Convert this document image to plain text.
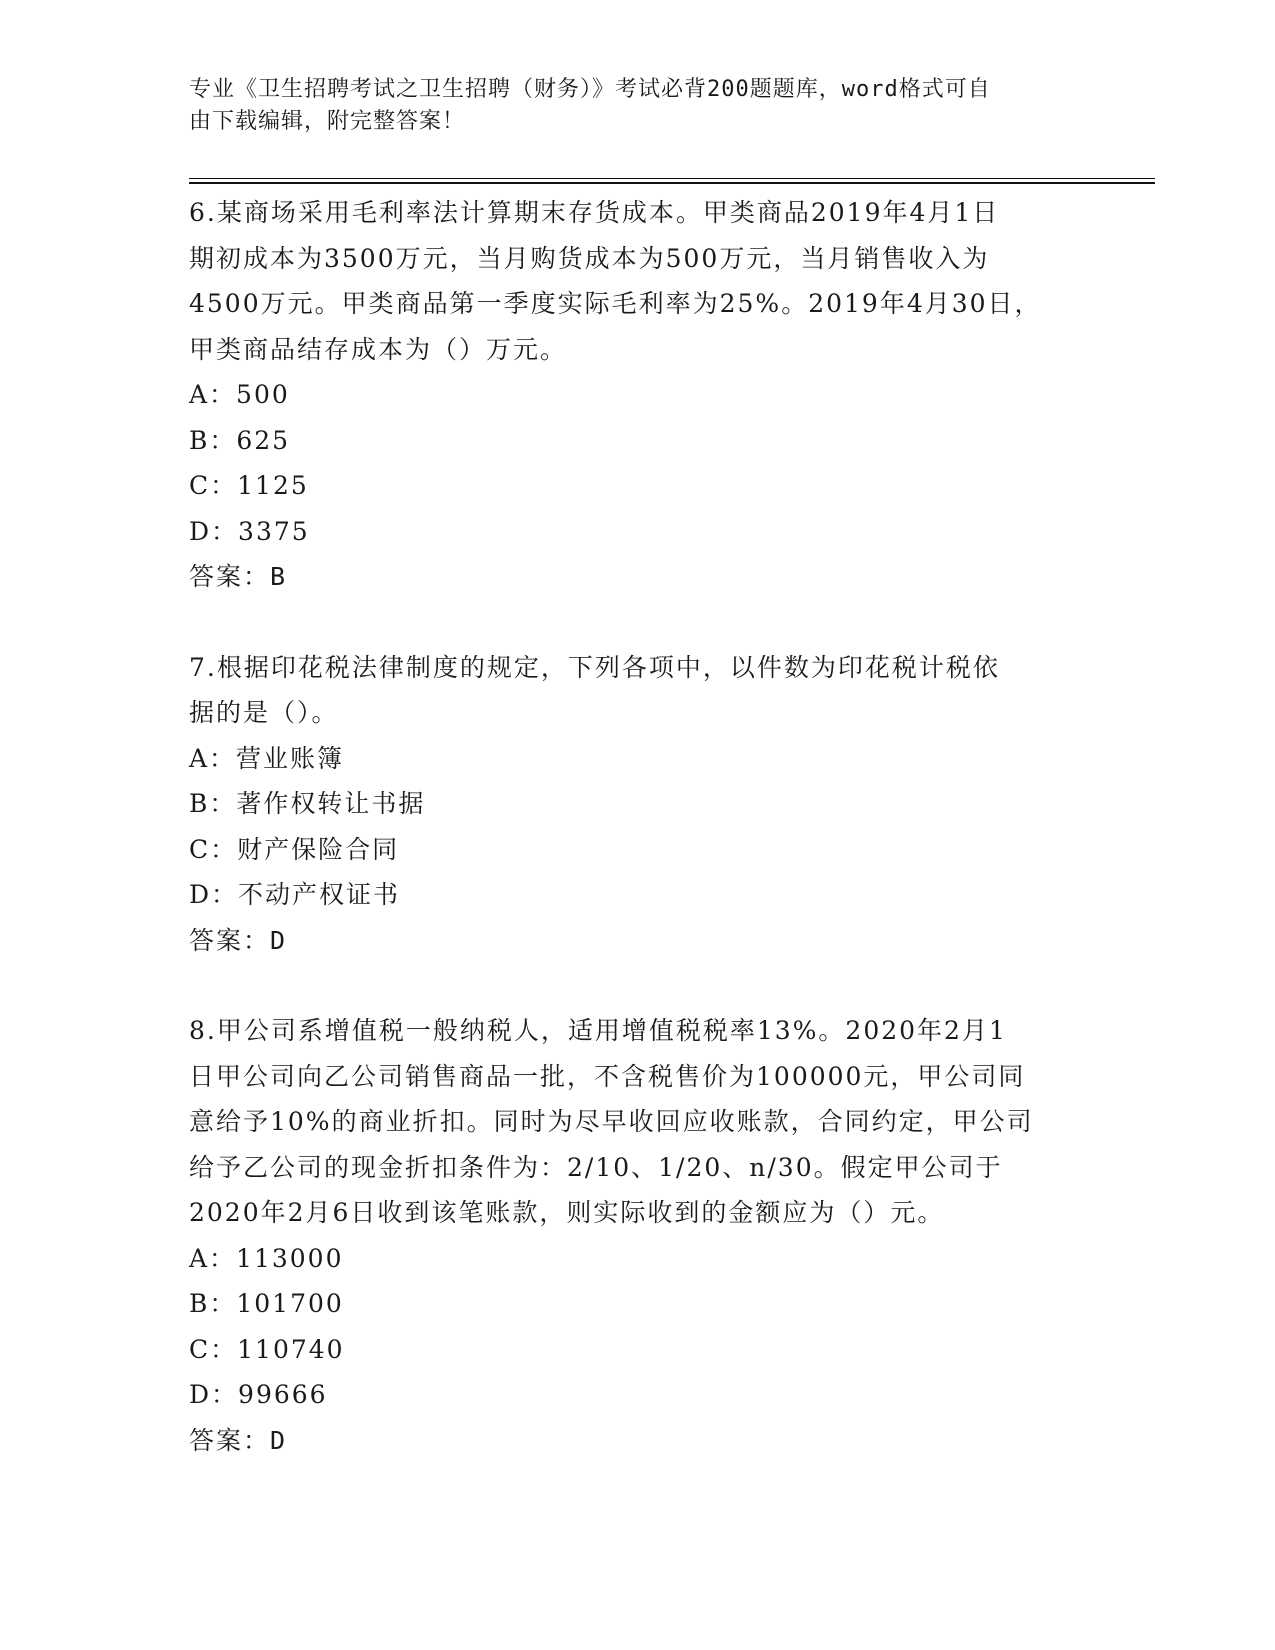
专业《卫生招聘考试之卫生招聘（财务）》考试必背200题题库，word格式可自
由下载编辑，附完整答案！

6.某商场采用毛利率法计算期末存货成本。甲类商品2019年4月1日

期初成本为3500万元，当月购货成本为500万元，当月销售收入为

4500万元。甲类商品第一季度实际毛利率为25%。2019年4月30日，

甲类商品结存成本为（）万元。

A：500

B：625

C：1125

D：3375

答案：B

7.根据印花税法律制度的规定，下列各项中，以件数为印花税计税依

据的是（）。

A：营业账簿

B：著作权转让书据

C：财产保险合同

D：不动产权证书

答案：D

8.甲公司系增值税一般纳税人，适用增值税税率13%。2020年2月1

日甲公司向乙公司销售商品一批，不含税售价为100000元，甲公司同

意给予10%的商业折扣。同时为尽早收回应收账款，合同约定，甲公司

给予乙公司的现金折扣条件为：2/10、1/20、n/30。假定甲公司于

2020年2月6日收到该笔账款，则实际收到的金额应为（）元。

A：113000

B：101700

C：110740

D：99666

答案：D
